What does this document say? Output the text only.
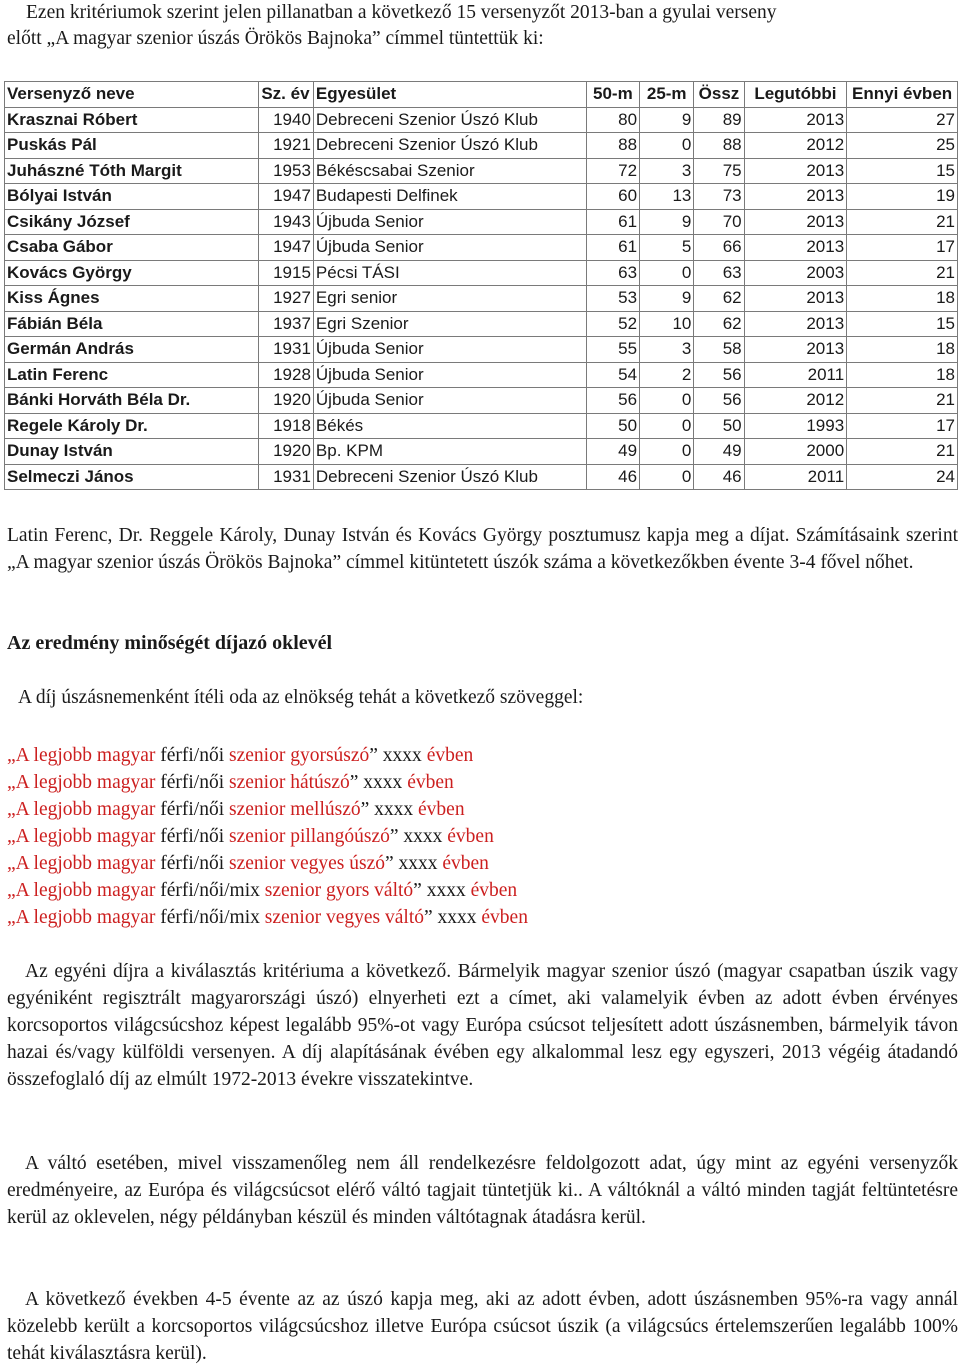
Ezen kritériumok szerint jelen pillanatban a következő 15 versenyzőt 2013-ban a gyulai verseny
előtt „A magyar szenior úszás Örökös Bajnoka” címmel tüntettük ki:

Versenyző neve	Sz. év	Egyesület	50-m	25-m	Össz	Legutóbbi	Ennyi évben
Krasznai Róbert	1940	Debreceni Szenior Úszó Klub	80	9	89	2013	27
Puskás Pál	1921	Debreceni Szenior Úszó Klub	88	0	88	2012	25
Juhászné Tóth Margit	1953	Békéscsabai Szenior	72	3	75	2013	15
Bólyai István	1947	Budapesti Delfinek	60	13	73	2013	19
Csikány József	1943	Újbuda Senior	61	9	70	2013	21
Csaba Gábor	1947	Újbuda Senior	61	5	66	2013	17
Kovács György	1915	Pécsi TÁSI	63	0	63	2003	21
Kiss Ágnes	1927	Egri senior	53	9	62	2013	18
Fábián Béla	1937	Egri Szenior	52	10	62	2013	15
Germán András	1931	Újbuda Senior	55	3	58	2013	18
Latin Ferenc	1928	Újbuda Senior	54	2	56	2011	18
Bánki Horváth Béla Dr.	1920	Újbuda Senior	56	0	56	2012	21
Regele Károly Dr.	1918	Békés	50	0	50	1993	17
Dunay István	1920	Bp. KPM	49	0	49	2000	21
Selmeczi János	1931	Debreceni Szenior Úszó Klub	46	0	46	2011	24

Latin Ferenc, Dr. Reggele Károly, Dunay István és Kovács György posztumusz kapja meg a díjat. Számításaink szerint „A magyar szenior úszás Örökös Bajnoka” címmel kitüntetett úszók száma a következőkben évente 3-4 fővel nőhet.

Az eredmény minőségét díjazó oklevél

A díj úszásnemenként ítéli oda az elnökség tehát a következő szöveggel:

„A legjobb magyar férfi/női szenior gyorsúszó” xxxx évben
„A legjobb magyar férfi/női szenior hátúszó” xxxx évben
„A legjobb magyar férfi/női szenior mellúszó” xxxx évben
„A legjobb magyar férfi/női szenior pillangóúszó” xxxx évben
„A legjobb magyar férfi/női szenior vegyes úszó” xxxx évben
„A legjobb magyar férfi/női/mix szenior gyors váltó” xxxx évben
„A legjobb magyar férfi/női/mix szenior vegyes váltó” xxxx évben

Az egyéni díjra a kiválasztás kritériuma a következő. Bármelyik magyar szenior úszó (magyar csapatban úszik vagy egyéniként regisztrált magyarországi úszó) elnyerheti ezt a címet, aki valamelyik évben az adott évben érvényes korcsoportos világcsúcshoz képest legalább 95%-ot vagy Európa csúcsot teljesített adott úszásnemben, bármelyik távon hazai és/vagy külföldi versenyen. A díj alapításának évében egy alkalommal lesz egy egyszeri, 2013 végéig átadandó összefoglaló díj az elmúlt 1972-2013 évekre visszatekintve.

A váltó esetében, mivel visszamenőleg nem áll rendelkezésre feldolgozott adat, úgy mint az egyéni versenyzők eredményeire, az Európa és világcsúcsot elérő váltó tagjait tüntetjük ki.. A váltóknál a váltó minden tagját feltüntetésre kerül az oklevelen, négy példányban készül és minden váltótagnak átadásra kerül.

A következő években 4-5 évente az az úszó kapja meg, aki az adott évben, adott úszásnemben 95%-ra vagy annál közelebb került a korcsoportos világcsúcshoz illetve Európa csúcsot úszik (a világcsúcs értelemszerűen legalább 100% tehát kiválasztásra kerül).
